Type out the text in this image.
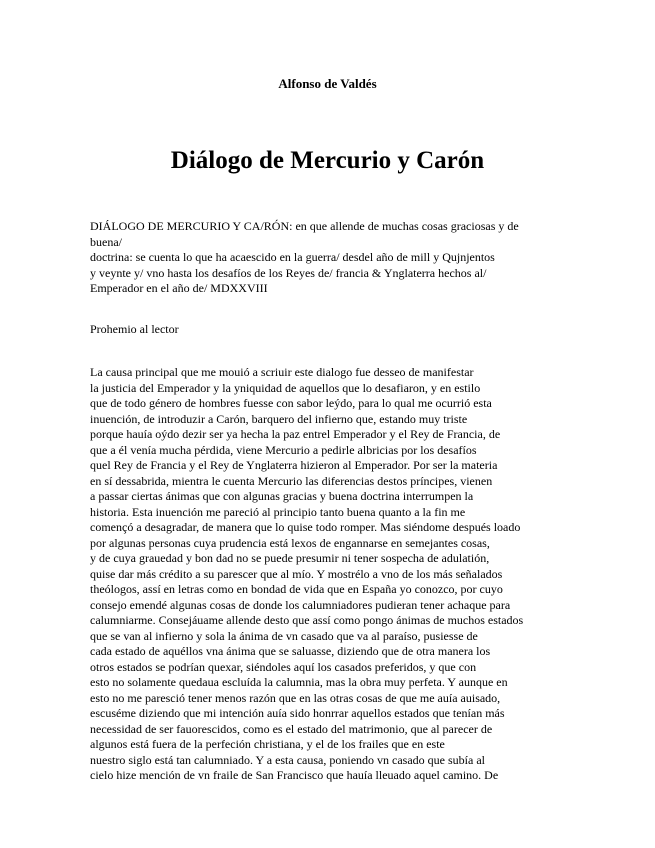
Alfonso de Valdés
Diálogo de Mercurio y Carón
DIÁLOGO DE MERCURIO Y CA/RÓN: en que allende de muchas cosas graciosas y de
buena/
doctrina: se cuenta lo que ha acaescido en la guerra/ desdel año de mill y Qujnjentos
y veynte y/ vno hasta los desafíos de los Reyes de/ francia & Ynglaterra hechos al/
Emperador en el año de/ MDXXVIII
Prohemio al lector
La causa principal que me mouió a scriuir este dialogo fue desseo de manifestar
la justicia del Emperador y la yniquidad de aquellos que lo desafiaron, y en estilo
que de todo género de hombres fuesse con sabor leýdo, para lo qual me ocurrió esta
inuención, de introduzir a Carón, barquero del infierno que, estando muy triste
porque hauía oýdo dezir ser ya hecha la paz entrel Emperador y el Rey de Francia, de
que a él venía mucha pérdida, viene Mercurio a pedirle albricias por los desafíos
quel Rey de Francia y el Rey de Ynglaterra hizieron al Emperador. Por ser la materia
en sí dessabrida, mientra le cuenta Mercurio las diferencias destos príncipes, vienen
a passar ciertas ánimas que con algunas gracias y buena doctrina interrumpen la
historia. Esta inuención me pareció al principio tanto buena quanto a la fin me
començó a desagradar, de manera que lo quise todo romper. Mas siéndome después loado
por algunas personas cuya prudencia está lexos de engannarse en semejantes cosas,
y de cuya grauedad y bon dad no se puede presumir ni tener sospecha de adulatión,
quise dar más crédito a su parescer que al mío. Y mostrélo a vno de los más señalados
theólogos, assí en letras como en bondad de vida que en España yo conozco, por cuyo
consejo emendé algunas cosas de donde los calumniadores pudieran tener achaque para
calumniarme. Consejáuame allende desto que assí como pongo ánimas de muchos estados
que se van al infierno y sola la ánima de vn casado que va al paraíso, pusiesse de
cada estado de aquéllos vna ánima que se saluasse, diziendo que de otra manera los
otros estados se podrían quexar, siéndoles aquí los casados preferidos, y que con
esto no solamente quedaua escluída la calumnia, mas la obra muy perfeta. Y aunque en
esto no me paresció tener menos razón que en las otras cosas de que me auía auisado,
escuséme diziendo que mi intención auía sido honrrar aquellos estados que tenían más
necessidad de ser fauorescidos, como es el estado del matrimonio, que al parecer de
algunos está fuera de la perfeción christiana, y el de los frailes que en este
nuestro siglo está tan calumniado. Y a esta causa, poniendo vn casado que subía al
cielo hize mención de vn fraile de San Francisco que hauía lleuado aquel camino. De
